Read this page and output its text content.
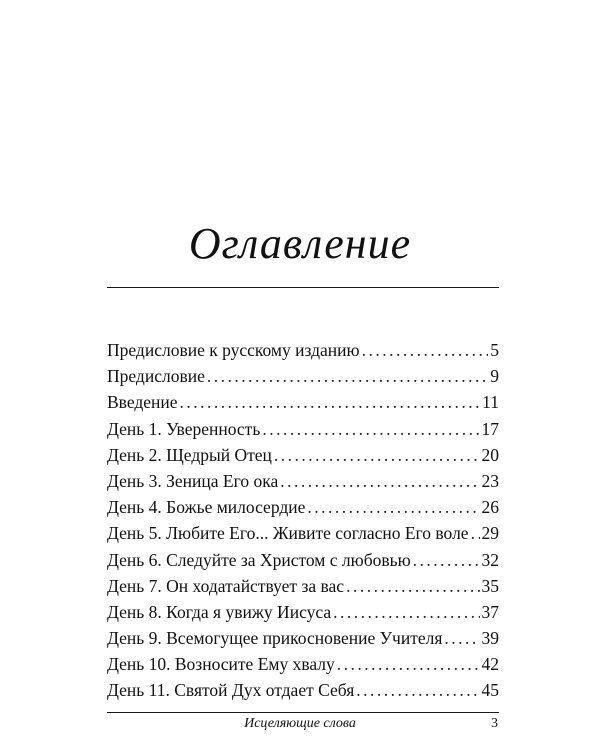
Оглавление
Предисловие к русскому изданию .....	5
Предисловие .....	9
Введение .....	11
День 1. Уверенность .....	17
День 2. Щедрый Отец .....	20
День 3. Зеница Его ока .....	23
День 4. Божье милосердие .....	26
День 5. Любите Его... Живите согласно Его воле ..... 29
День 6. Следуйте за Христом с любовью .....	32
День 7. Он ходатайствует за вас .....	35
День 8. Когда я увижу Иисуса .....	37
День 9. Всемогущее прикосновение Учителя ..... 39
День 10. Возносите Ему хвалу .....	42
День 11. Святой Дух отдает Себя .....	45
Исцеляющие слова	3
